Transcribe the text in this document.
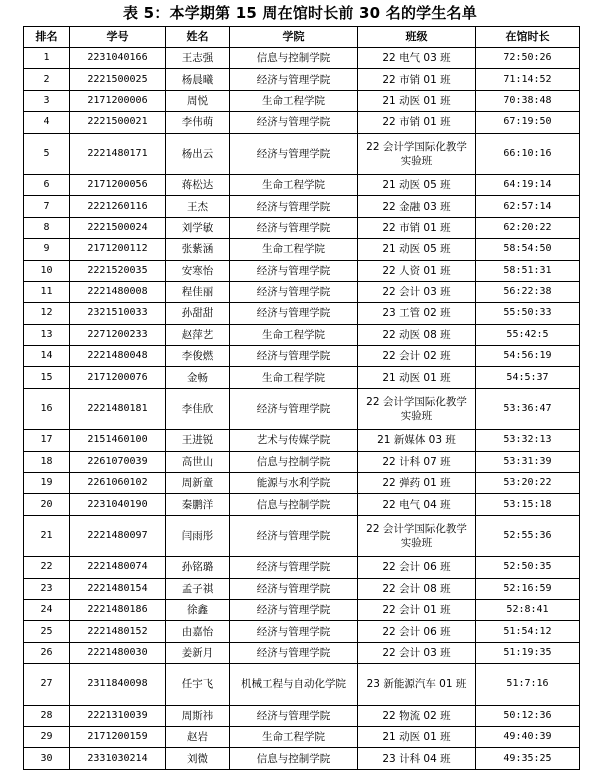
表 5：本学期第 15 周在馆时长前 30 名的学生名单
排名	学号	姓名	学院	班级	在馆时长
1	2231040166	王志强	信息与控制学院	22 电气 03 班	72:50:26
2	2221500025	杨晨曦	经济与管理学院	22 市销 01 班	71:14:52
3	2171200006	周悦	生命工程学院	21 动医 01 班	70:38:48
4	2221500021	李伟萌	经济与管理学院	22 市销 01 班	67:19:50
5	2221480171	杨出云	经济与管理学院	22 会计学国际化教学实验班	66:10:16
6	2171200056	蒋松达	生命工程学院	21 动医 05 班	64:19:14
7	2221260116	王杰	经济与管理学院	22 金融 03 班	62:57:14
8	2221500024	刘学敏	经济与管理学院	22 市销 01 班	62:20:22
9	2171200112	张紫涵	生命工程学院	21 动医 05 班	58:54:50
10	2221520035	安寒怡	经济与管理学院	22 人资 01 班	58:51:31
11	2221480008	程佳丽	经济与管理学院	22 会计 03 班	56:22:38
12	2321510033	孙甜甜	经济与管理学院	23 工管 02 班	55:50:33
13	2271200233	赵萍艺	生命工程学院	22 动医 08 班	55:42:5
14	2221480048	李俊燃	经济与管理学院	22 会计 02 班	54:56:19
15	2171200076	金畅	生命工程学院	21 动医 01 班	54:5:37
16	2221480181	李佳欣	经济与管理学院	22 会计学国际化教学实验班	53:36:47
17	2151460100	王进锐	艺术与传媒学院	21 新媒体 03 班	53:32:13
18	2261070039	高世山	信息与控制学院	22 计科 07 班	53:31:39
19	2261060102	周新童	能源与水利学院	22 弹药 01 班	53:20:22
20	2231040190	秦鹏洋	信息与控制学院	22 电气 04 班	53:15:18
21	2221480097	闫雨彤	经济与管理学院	22 会计学国际化教学实验班	52:55:36
22	2221480074	孙铭璐	经济与管理学院	22 会计 06 班	52:50:35
23	2221480154	孟子祺	经济与管理学院	22 会计 08 班	52:16:59
24	2221480186	徐鑫	经济与管理学院	22 会计 01 班	52:8:41
25	2221480152	由嘉怡	经济与管理学院	22 会计 06 班	51:54:12
26	2221480030	姜新月	经济与管理学院	22 会计 03 班	51:19:35
27	2311840098	任宇飞	机械工程与自动化学院	23 新能源汽车 01 班	51:7:16
28	2221310039	周斯祎	经济与管理学院	22 物流 02 班	50:12:36
29	2171200159	赵岩	生命工程学院	21 动医 01 班	49:40:39
30	2331030214	刘微	信息与控制学院	23 计科 04 班	49:35:25
